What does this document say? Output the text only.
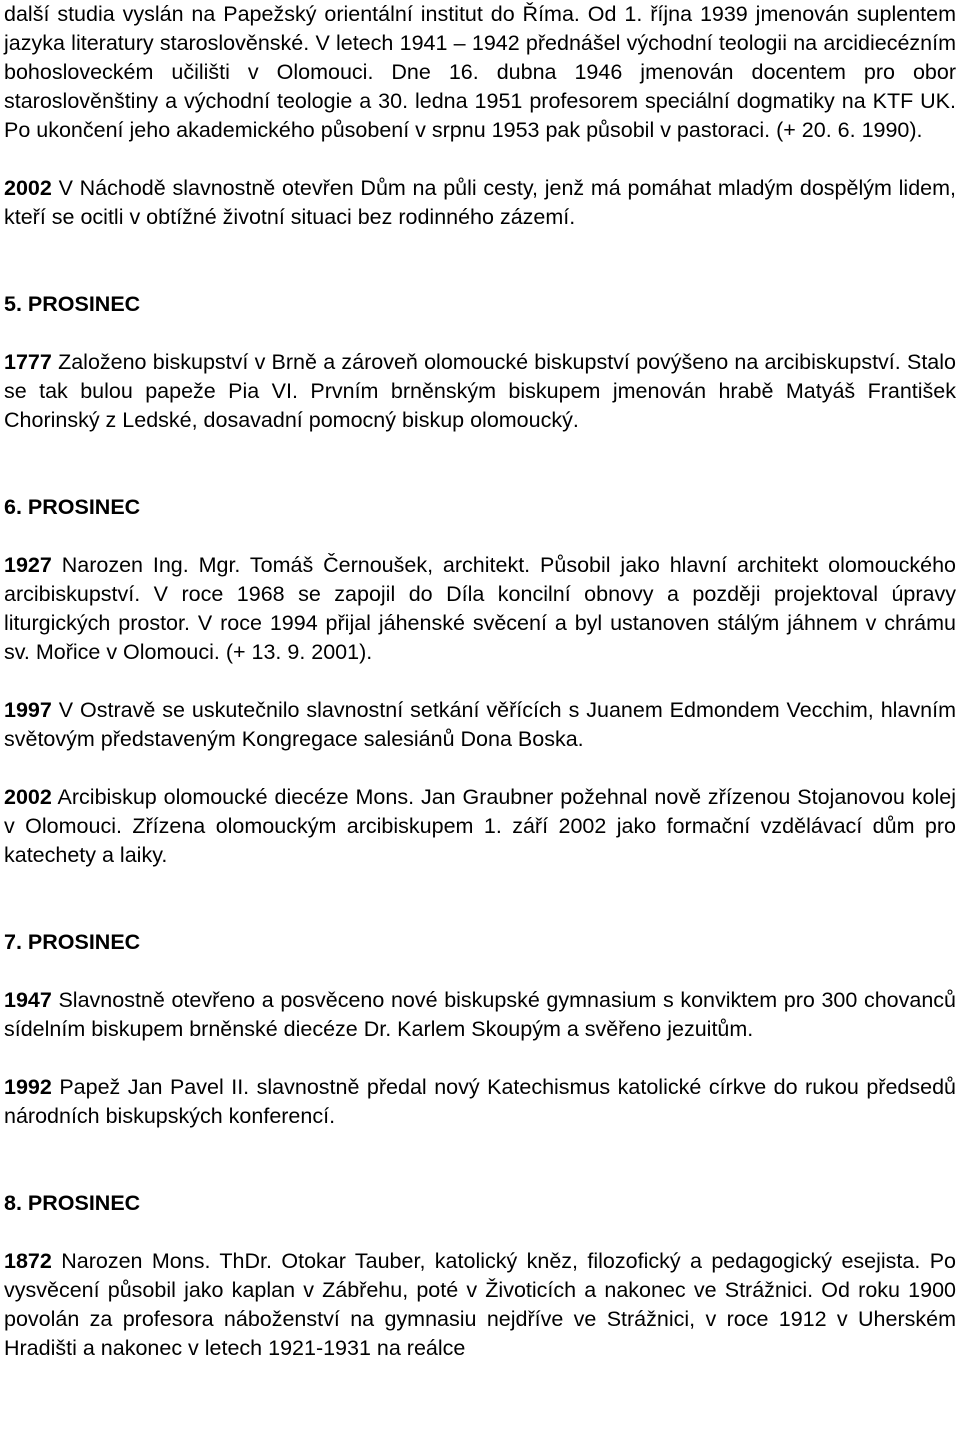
další studia vyslán na Papežský orientální institut do Říma. Od 1. října 1939 jmenován suplentem jazyka literatury staroslověnské. V letech 1941 – 1942 přednášel východní teologii na arcidiecézním bohosloveckém učilišti v Olomouci. Dne 16. dubna 1946 jmenován docentem pro obor staroslověnštiny a východní teologie a 30. ledna 1951 profesorem speciální dogmatiky na KTF UK. Po ukončení jeho akademického působení v srpnu 1953 pak působil v pastoraci. (+ 20. 6. 1990).

2002 V Náchodě slavnostně otevřen Dům na půli cesty, jenž má pomáhat mladým dospělým lidem, kteří se ocitli v obtížné životní situaci bez rodinného zázemí.

5. PROSINEC

1777 Založeno biskupství v Brně a zároveň olomoucké biskupství povýšeno na arcibiskupství. Stalo se tak bulou papeže Pia VI. Prvním brněnským biskupem jmenován hrabě Matyáš František Chorinský z Ledské, dosavadní pomocný biskup olomoucký.

6. PROSINEC

1927 Narozen Ing. Mgr. Tomáš Černoušek, architekt. Působil jako hlavní architekt olomouckého arcibiskupství. V roce 1968 se zapojil do Díla koncilní obnovy a později projektoval úpravy liturgických prostor. V roce 1994 přijal jáhenské svěcení a byl ustanoven stálým jáhnem v chrámu sv. Mořice v Olomouci. (+ 13. 9. 2001).

1997 V Ostravě se uskutečnilo slavnostní setkání věřících s Juanem Edmondem Vecchim, hlavním světovým představeným Kongregace salesiánů Dona Boska.

2002 Arcibiskup olomoucké diecéze Mons. Jan Graubner požehnal nově zřízenou Stojanovou kolej v Olomouci. Zřízena olomouckým arcibiskupem 1. září 2002 jako formační vzdělávací dům pro katechety a laiky.

7. PROSINEC

1947 Slavnostně otevřeno a posvěceno nové biskupské gymnasium s konviktem pro 300 chovanců sídelním biskupem brněnské diecéze Dr. Karlem Skoupým a svěřeno jezuitům.

1992 Papež Jan Pavel II. slavnostně předal nový Katechismus katolické církve do rukou předsedů národních biskupských konferencí.

8. PROSINEC

1872 Narozen Mons. ThDr. Otokar Tauber, katolický kněz, filozofický a pedagogický esejista. Po vysvěcení působil jako kaplan v Zábřehu, poté v Životicích a nakonec ve Strážnici. Od roku 1900 povolán za profesora náboženství na gymnasiu nejdříve ve Strážnici, v roce 1912 v Uherském Hradišti a nakonec v letech 1921-1931 na reálce
